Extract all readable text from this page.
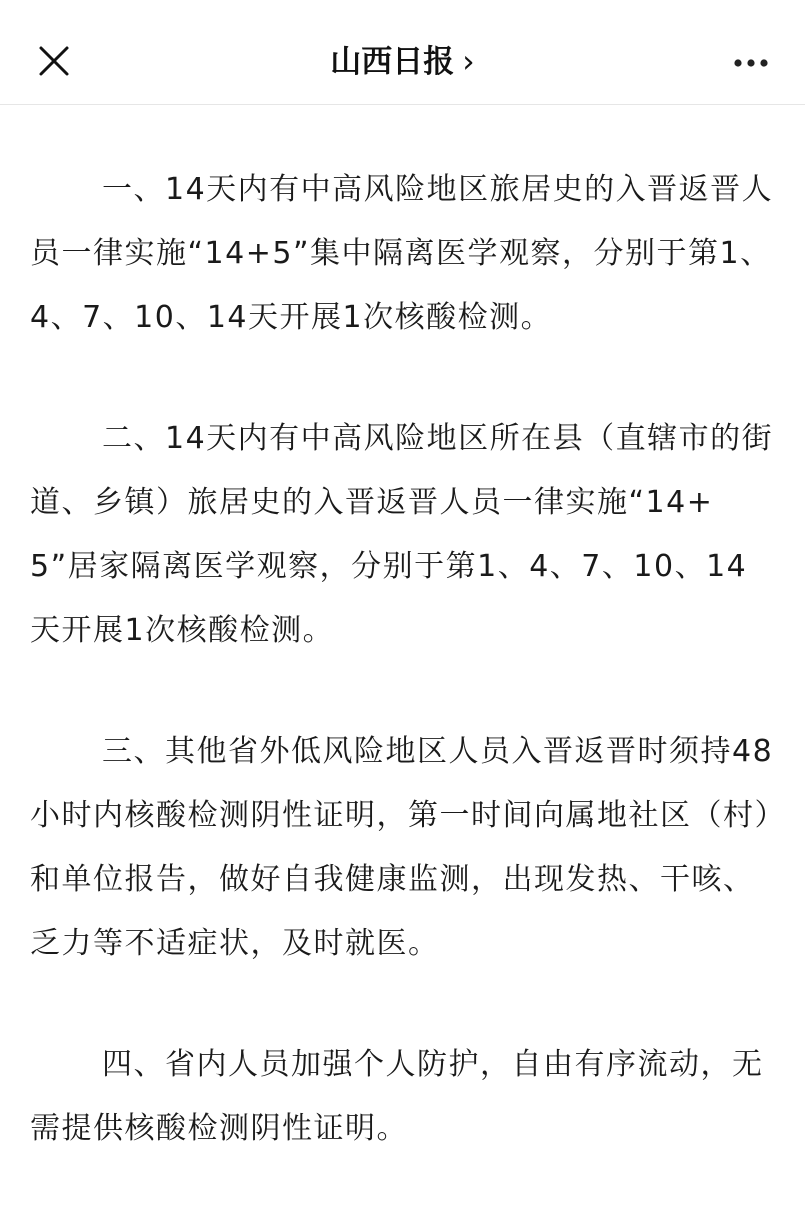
山西日报 ›

一、14天内有中高风险地区旅居史的入晋返晋人员一律实施“14+5”集中隔离医学观察，分别于第1、4、7、10、14天开展1次核酸检测。

二、14天内有中高风险地区所在县（直辖市的街道、乡镇）旅居史的入晋返晋人员一律实施“14+5”居家隔离医学观察，分别于第1、4、7、10、14天开展1次核酸检测。

三、其他省外低风险地区人员入晋返晋时须持48小时内核酸检测阴性证明，第一时间向属地社区（村）和单位报告，做好自我健康监测，出现发热、干咳、乏力等不适症状，及时就医。

四、省内人员加强个人防护，自由有序流动，无需提供核酸检测阴性证明。
